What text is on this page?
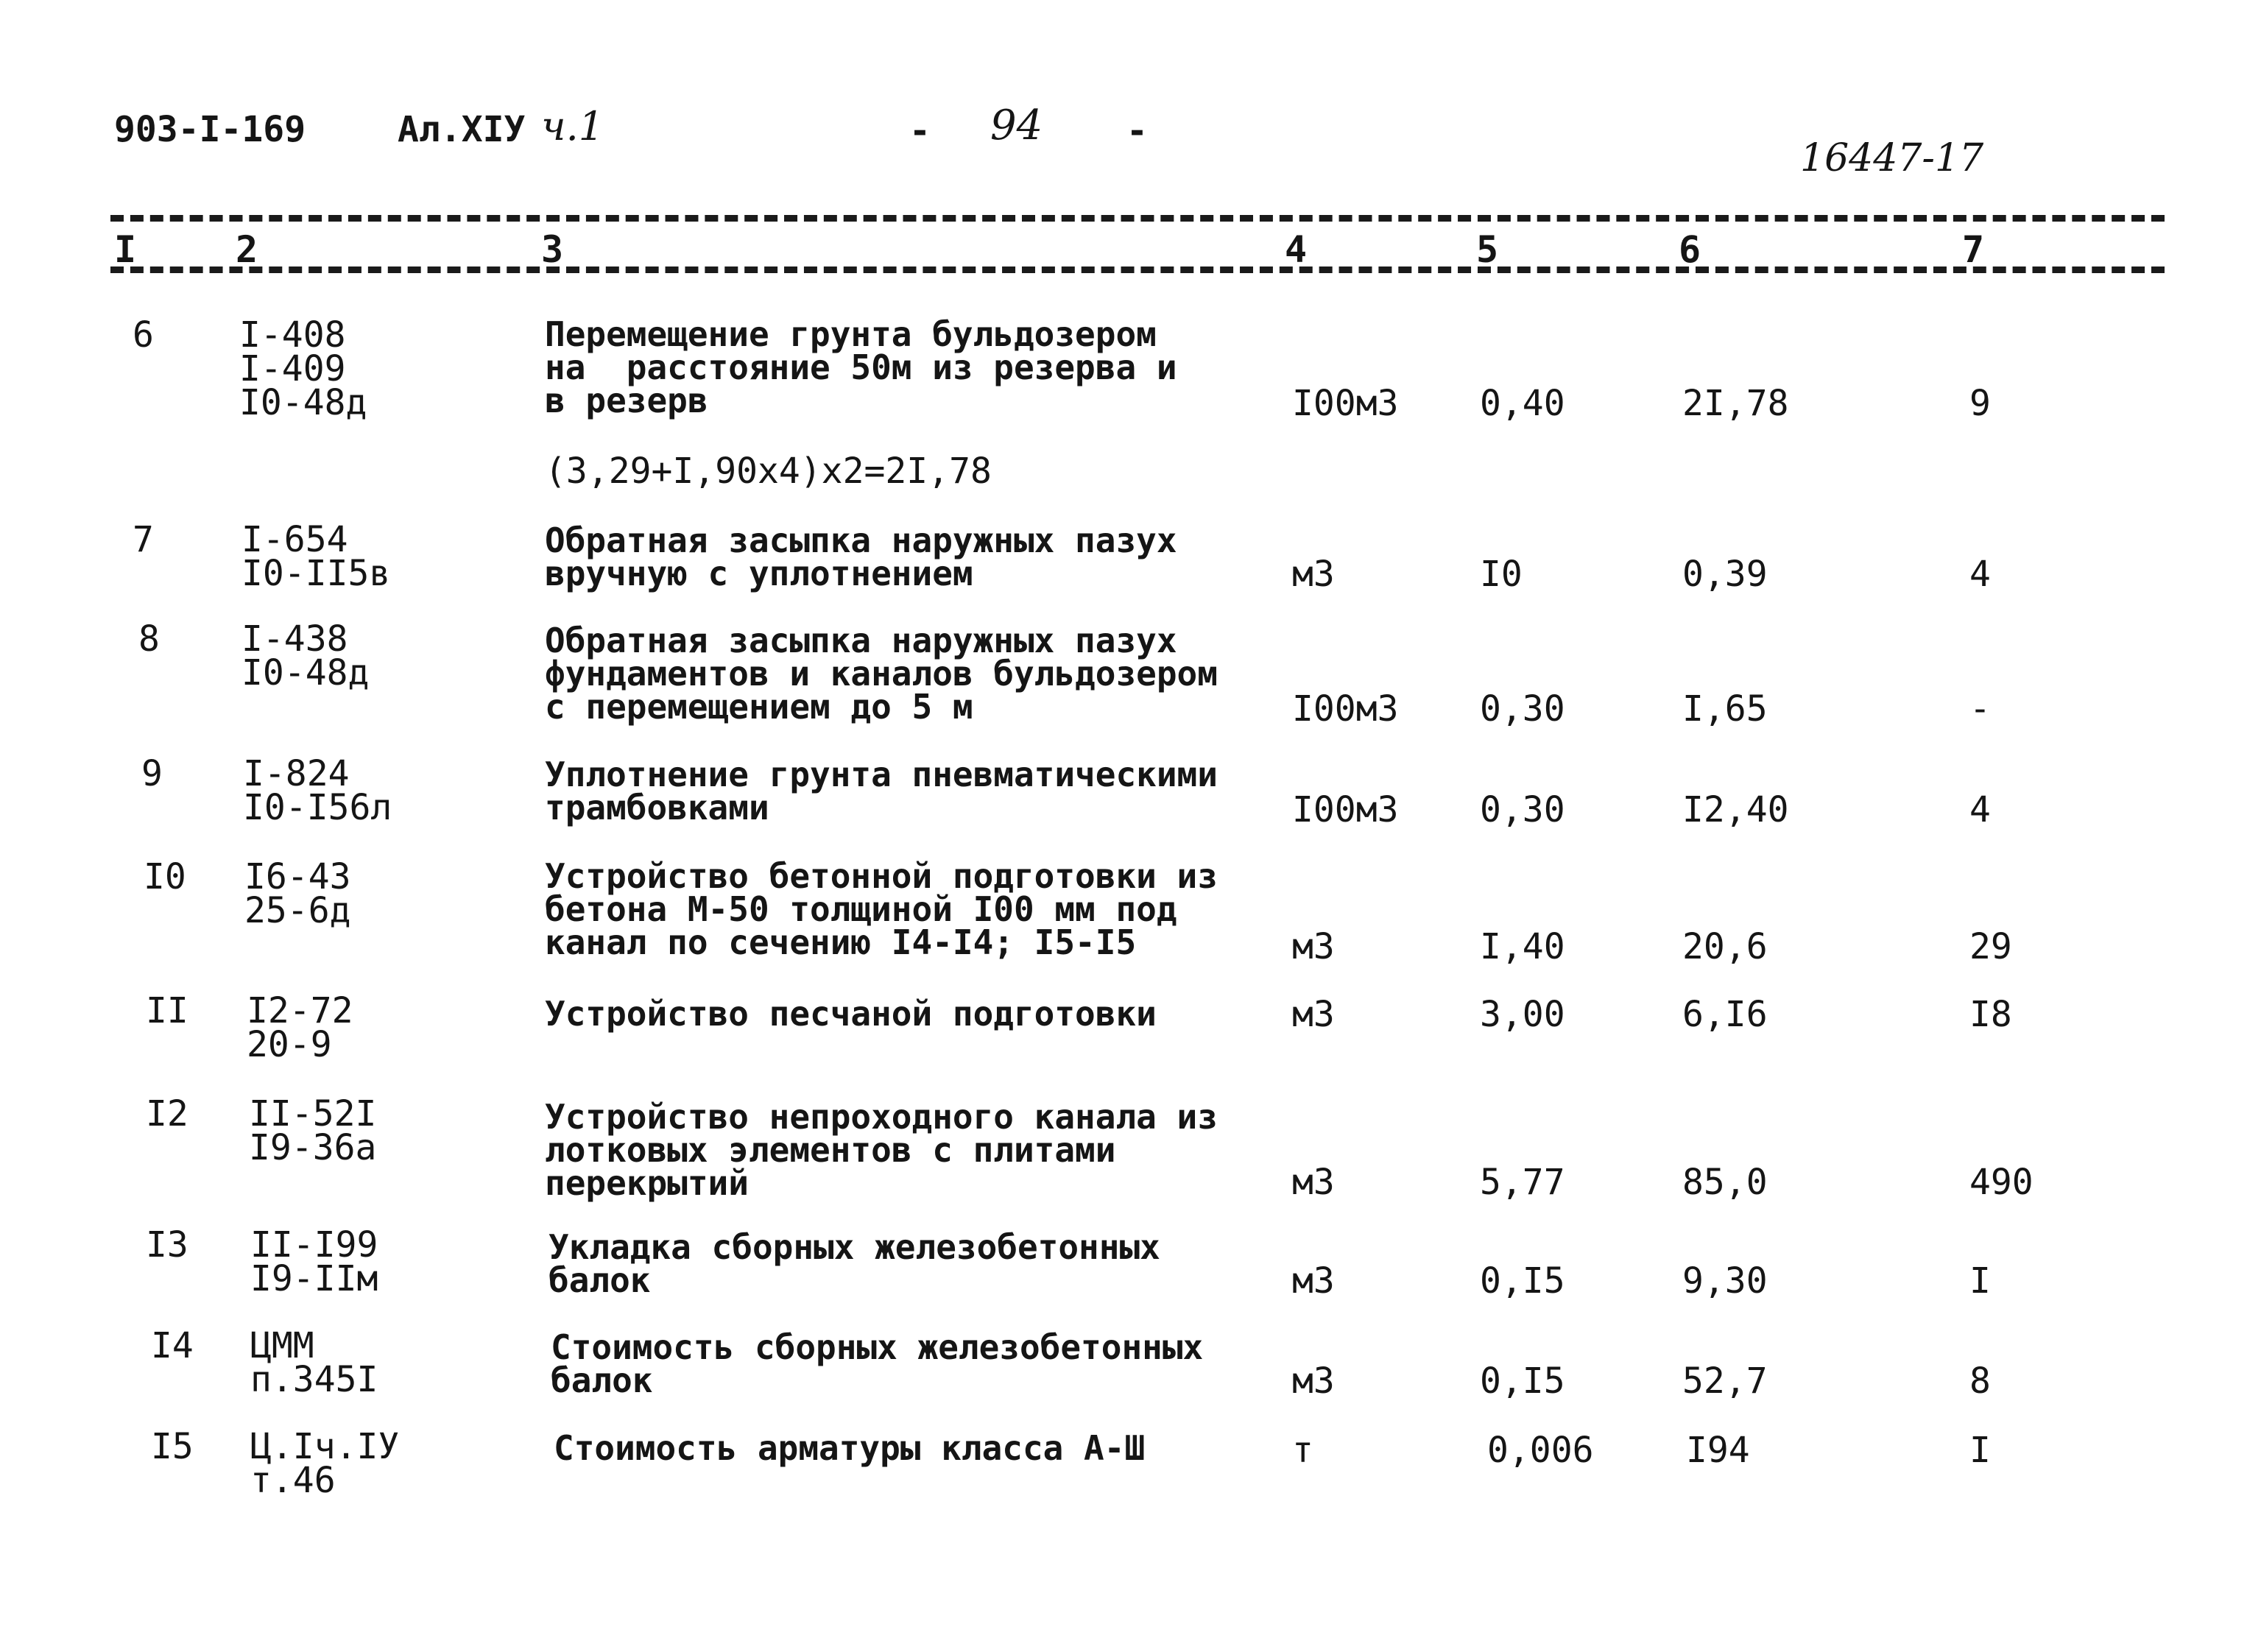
903-I-169	Ал.XIУ ч.1	- 94 -
16447-17
I	2	3	4	5	6	7
6 I-408
I-409
I0-48д
Перемещение грунта бульдозером
на  расстояние 50м из резерва и
в резерв	I00м3 0,40	2I,78	9
(3,29+I,90х4)х2=2I,78
7 I-654
I0-II5в
Обратная засыпка наружных пазух
вручную с уплотнением	м3	I0	0,39	4
8 I-438
I0-48д
Обратная засыпка наружных пазух
фундаментов и каналов бульдозером
с перемещением до 5 м	I00м3 0,30	I,65	-
9 I-824
I0-I56л
Уплотнение грунта пневматическими
трамбовками	I00м3 0,30	I2,40	4
I0 I6-43
25-6д
Устройство бетонной подготовки из
бетона М-50 толщиной I00 мм под
канал по сечению I4-I4; I5-I5	м3	I,40	20,6	29
II I2-72
20-9
Устройство песчаной подготовки	м3	3,00	6,I6	I8
I2 II-52I
I9-36а
Устройство непроходного канала из
лотковых элементов с плитами
перекрытий	м3	5,77	85,0	490
I3 II-I99
I9-IIм
Укладка сборных железобетонных
балок	м3	0,I5	9,30	I
I4 ЦММ
п.345I
Стоимость сборных железобетонных
балок	м3	0,I5	52,7	8
I5 Ц.Iч.IУ
т.46
Стоимость арматуры класса А-Ш	т	0,006	I94	I
